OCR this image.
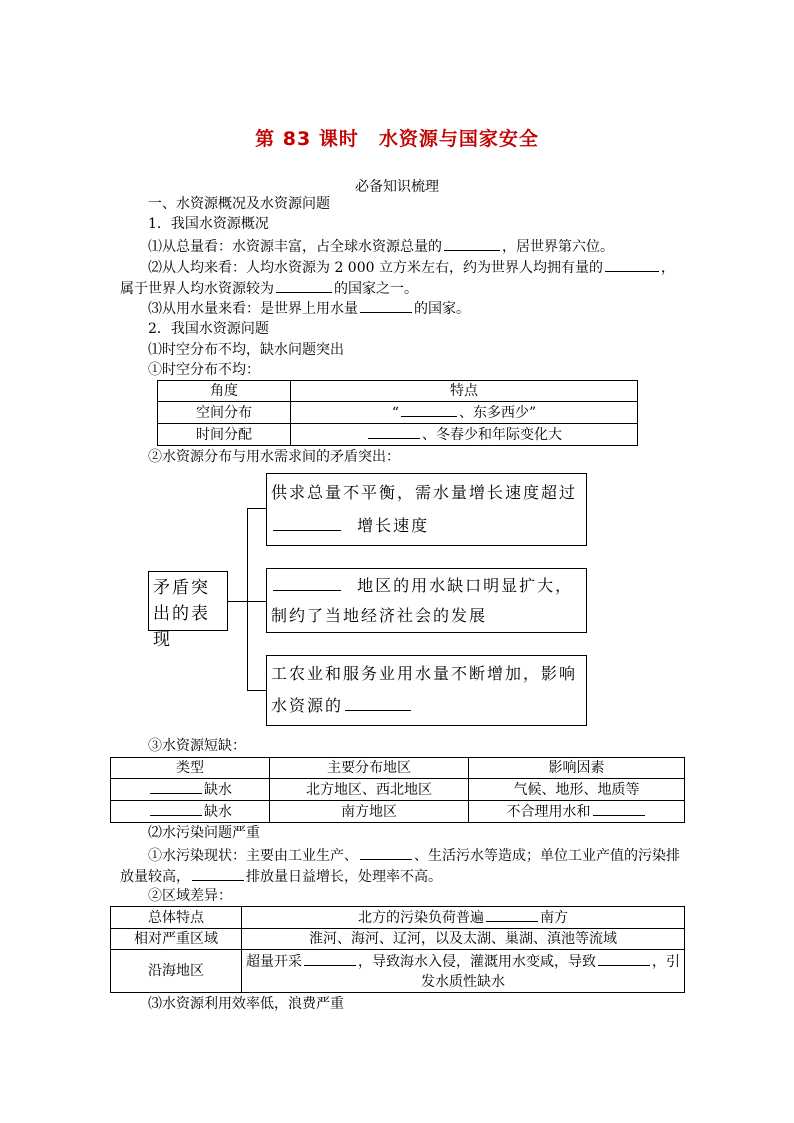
第 83 课时　水资源与国家安全
必备知识梳理
一、水资源概况及水资源问题
1．我国水资源概况
⑴从总量看：水资源丰富，占全球水资源总量的	，居世界第六位。
⑵从人均来看：人均水资源为 2 000 立方米左右，约为世界人均拥有量的	，
属于世界人均水资源较为	的国家之一。
⑶从用水量来看：是世界上用水量	的国家。
2．我国水资源问题
⑴时空分布不均，缺水问题突出
①时空分布不均：
角度	特点
空间分布	“ 、东多西少”
时间分配	、冬春少和年际变化大
②水资源分布与用水需求间的矛盾突出：
矛盾突出的表现
供求总量不平衡，需水量增长速度超过
增长速度
地区的用水缺口明显扩大，制约了当地经济社会的发展
工农业和服务业用水量不断增加，影响水资源的
③水资源短缺：
类型	主要分布地区	影响因素
缺水	北方地区、西北地区	气候、地形、地质等
缺水	南方地区	不合理用水和
⑵水污染问题严重
①水污染现状：主要由工业生产、	、生活污水等造成；单位工业产值的污染排
放量较高，	排放量日益增长，处理率不高。
②区域差异：
总体特点	北方的污染负荷普遍 南方
相对严重区域	淮河、海河、辽河，以及太湖、巢湖、滇池等流域
沿海地区	超量开采 ，导致海水入侵，灌溉用水变咸，导致 ，引
发水质性缺水
⑶水资源利用效率低，浪费严重
